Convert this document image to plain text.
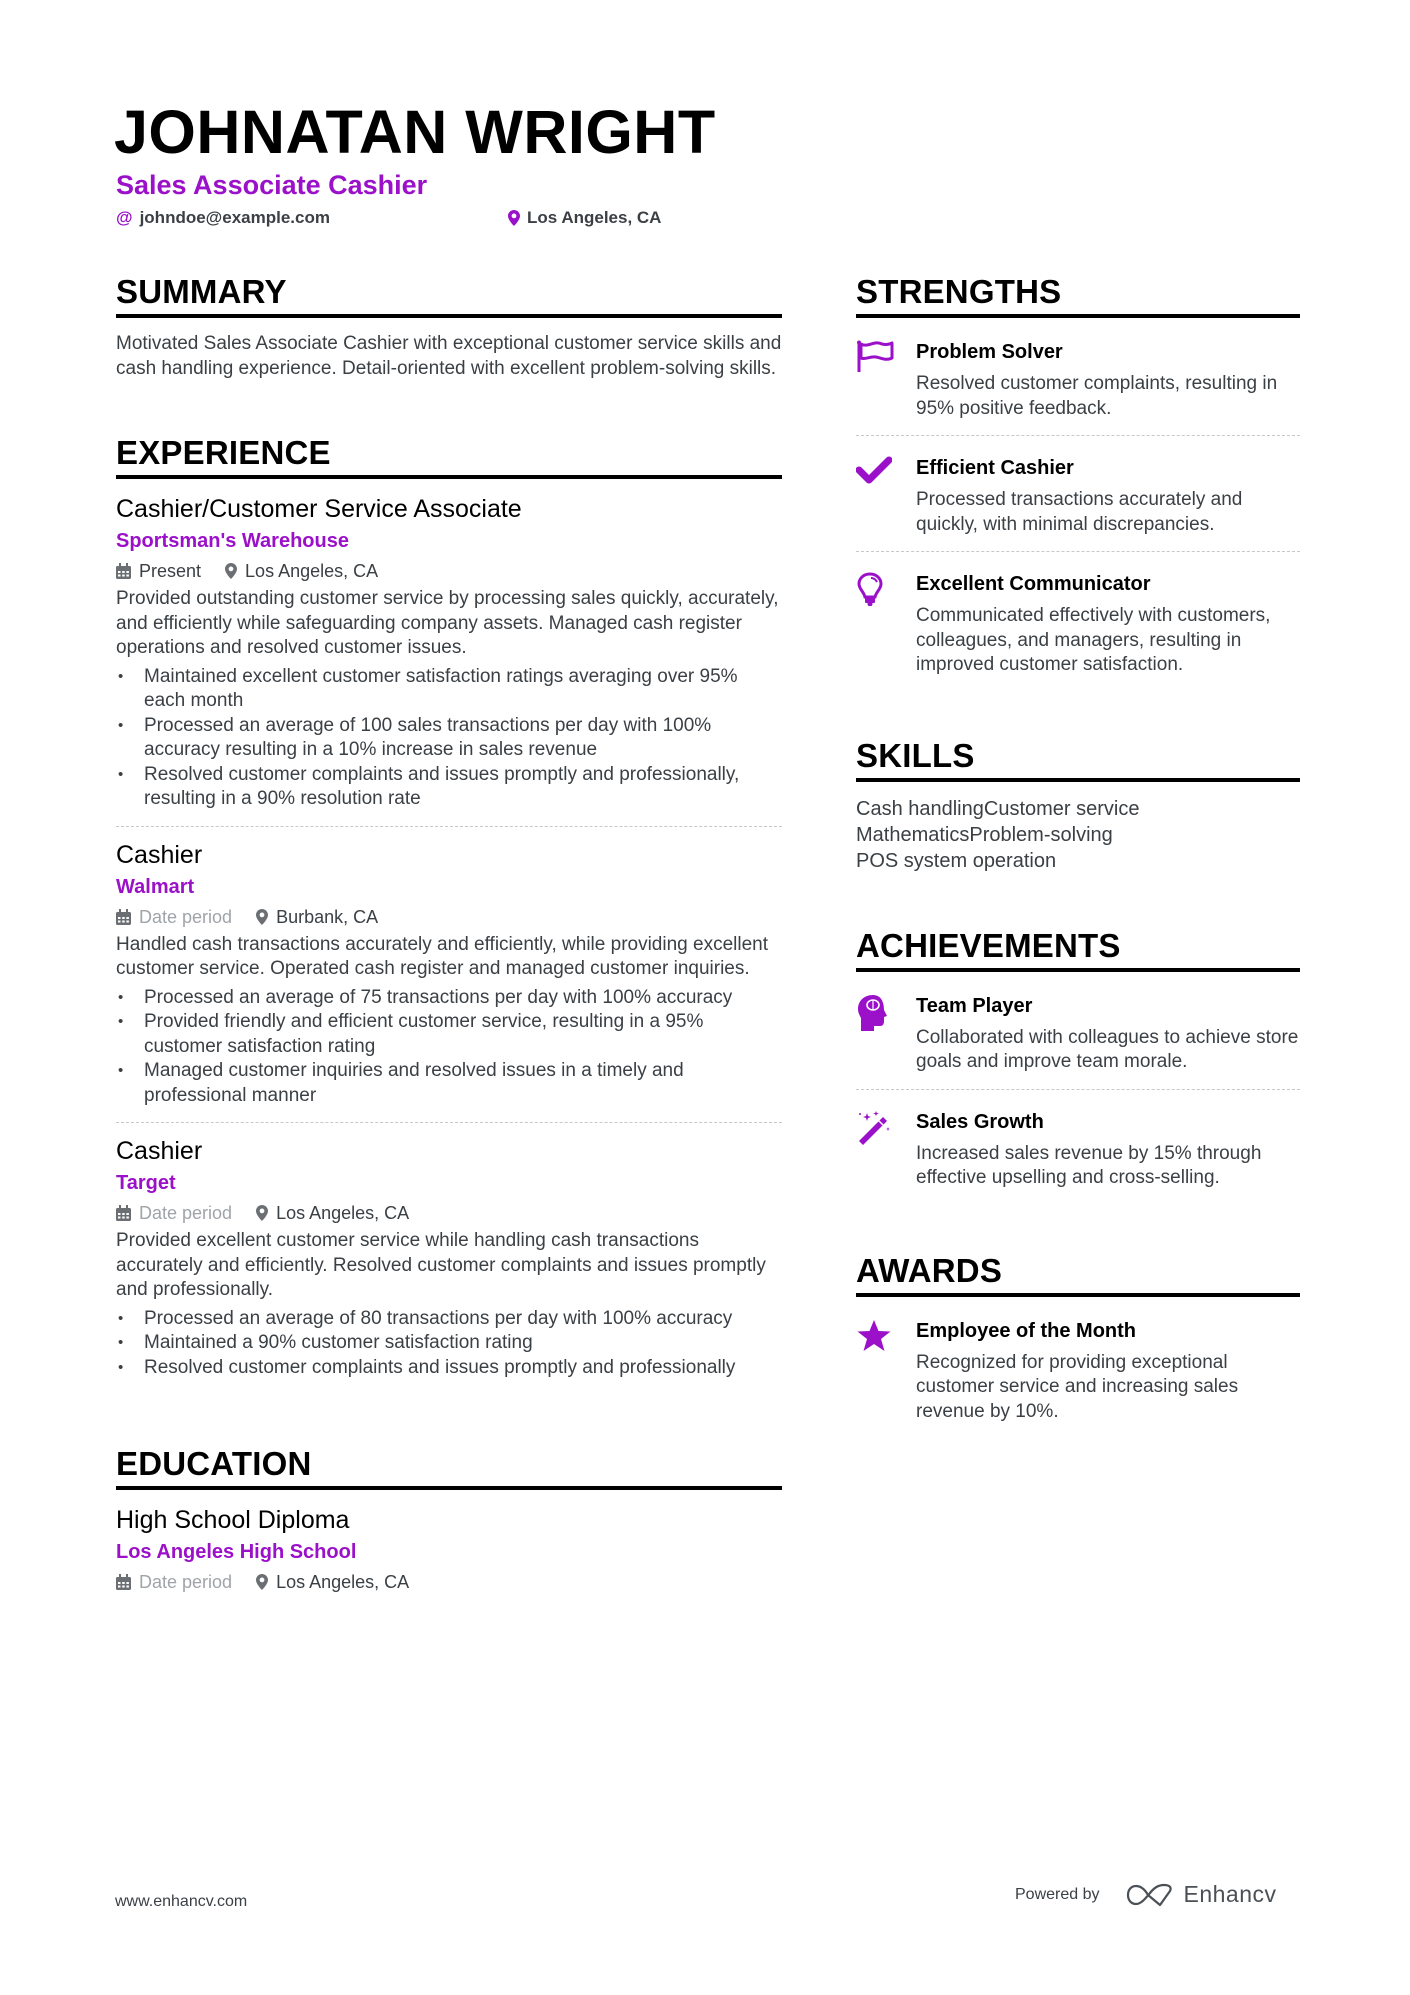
JOHNATAN WRIGHT
Sales Associate Cashier
@ johndoe@example.com	Los Angeles, CA
SUMMARY

Motivated Sales Associate Cashier with exceptional customer service skills and cash handling experience. Detail-oriented with excellent problem-solving skills.

EXPERIENCE
Cashier/Customer Service Associate
Sportsman's Warehouse
Present Los Angeles, CA
Provided outstanding customer service by processing sales quickly, accurately, and efficiently while safeguarding company assets. Managed cash register operations and resolved customer issues.
• Maintained excellent customer satisfaction ratings averaging over 95% each month
• Processed an average of 100 sales transactions per day with 100% accuracy resulting in a 10% increase in sales revenue
• Resolved customer complaints and issues promptly and professionally, resulting in a 90% resolution rate
Cashier
Walmart
Date period Burbank, CA
Handled cash transactions accurately and efficiently, while providing excellent customer service. Operated cash register and managed customer inquiries.
• Processed an average of 75 transactions per day with 100% accuracy
• Provided friendly and efficient customer service, resulting in a 95% customer satisfaction rating
• Managed customer inquiries and resolved issues in a timely and professional manner
Cashier
Target
Date period Los Angeles, CA
Provided excellent customer service while handling cash transactions accurately and efficiently. Resolved customer complaints and issues promptly and professionally.
• Processed an average of 80 transactions per day with 100% accuracy
• Maintained a 90% customer satisfaction rating
• Resolved customer complaints and issues promptly and professionally
EDUCATION
High School Diploma
Los Angeles High School
Date period Los Angeles, CA
STRENGTHS
Problem Solver
Resolved customer complaints, resulting in 95% positive feedback.
Efficient Cashier
Processed transactions accurately and quickly, with minimal discrepancies.
Excellent Communicator
Communicated effectively with customers, colleagues, and managers, resulting in improved customer satisfaction.
SKILLS
Cash handlingCustomer service
MathematicsProblem-solving
POS system operation
ACHIEVEMENTS
Team Player
Collaborated with colleagues to achieve store goals and improve team morale.
Sales Growth
Increased sales revenue by 15% through effective upselling and cross-selling.
AWARDS
Employee of the Month
Recognized for providing exceptional customer service and increasing sales revenue by 10%.
www.enhancv.com	Powered by	Enhancv
